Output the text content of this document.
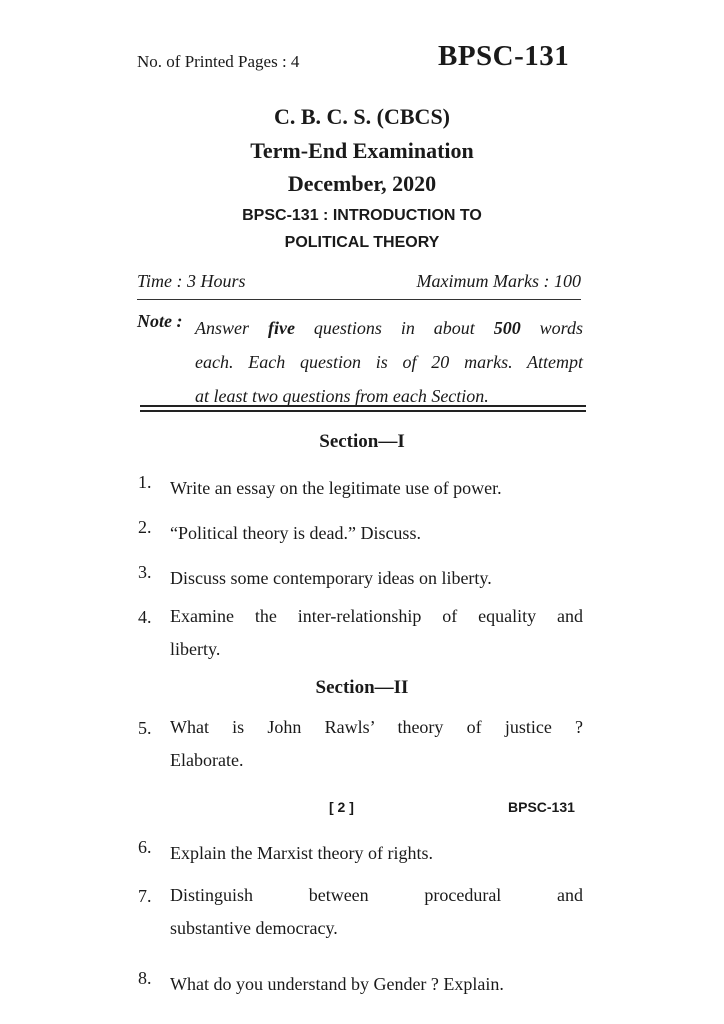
No. of Printed Pages : 4	BPSC-131
C. B. C. S. (CBCS)
Term-End Examination
December, 2020
BPSC-131 : INTRODUCTION TO
POLITICAL THEORY
Time : 3 Hours	Maximum Marks : 100
Note : Answer five questions in about 500 words
each. Each question is of 20 marks. Attempt
at least two questions from each Section.
Section—I
1. Write an essay on the legitimate use of power.
2. “Political theory is dead.” Discuss.
3. Discuss some contemporary ideas on liberty.
4. Examine the inter-relationship of equality and
liberty.
Section—II
5. What is John Rawls’ theory of justice ?
Elaborate.
[ 2 ]	BPSC-131
6. Explain the Marxist theory of rights.
7. Distinguish between procedural and
substantive democracy.
8. What do you understand by Gender ? Explain.
